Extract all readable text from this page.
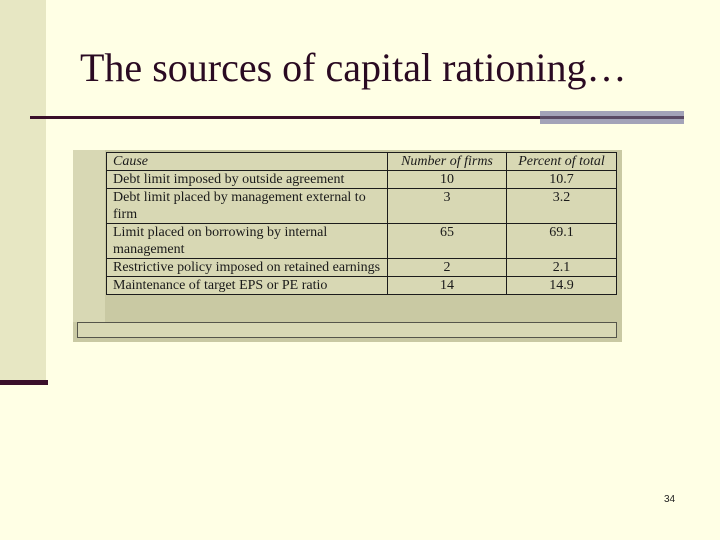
The sources of capital rationing…
Cause	Number of firms	Percent of total
Debt limit imposed by outside agreement	10	10.7
Debt limit placed by management external to firm	3	3.2
Limit placed on borrowing by internal management	65	69.1
Restrictive policy imposed on retained earnings	2	2.1
Maintenance of target EPS or PE ratio	14	14.9
34
